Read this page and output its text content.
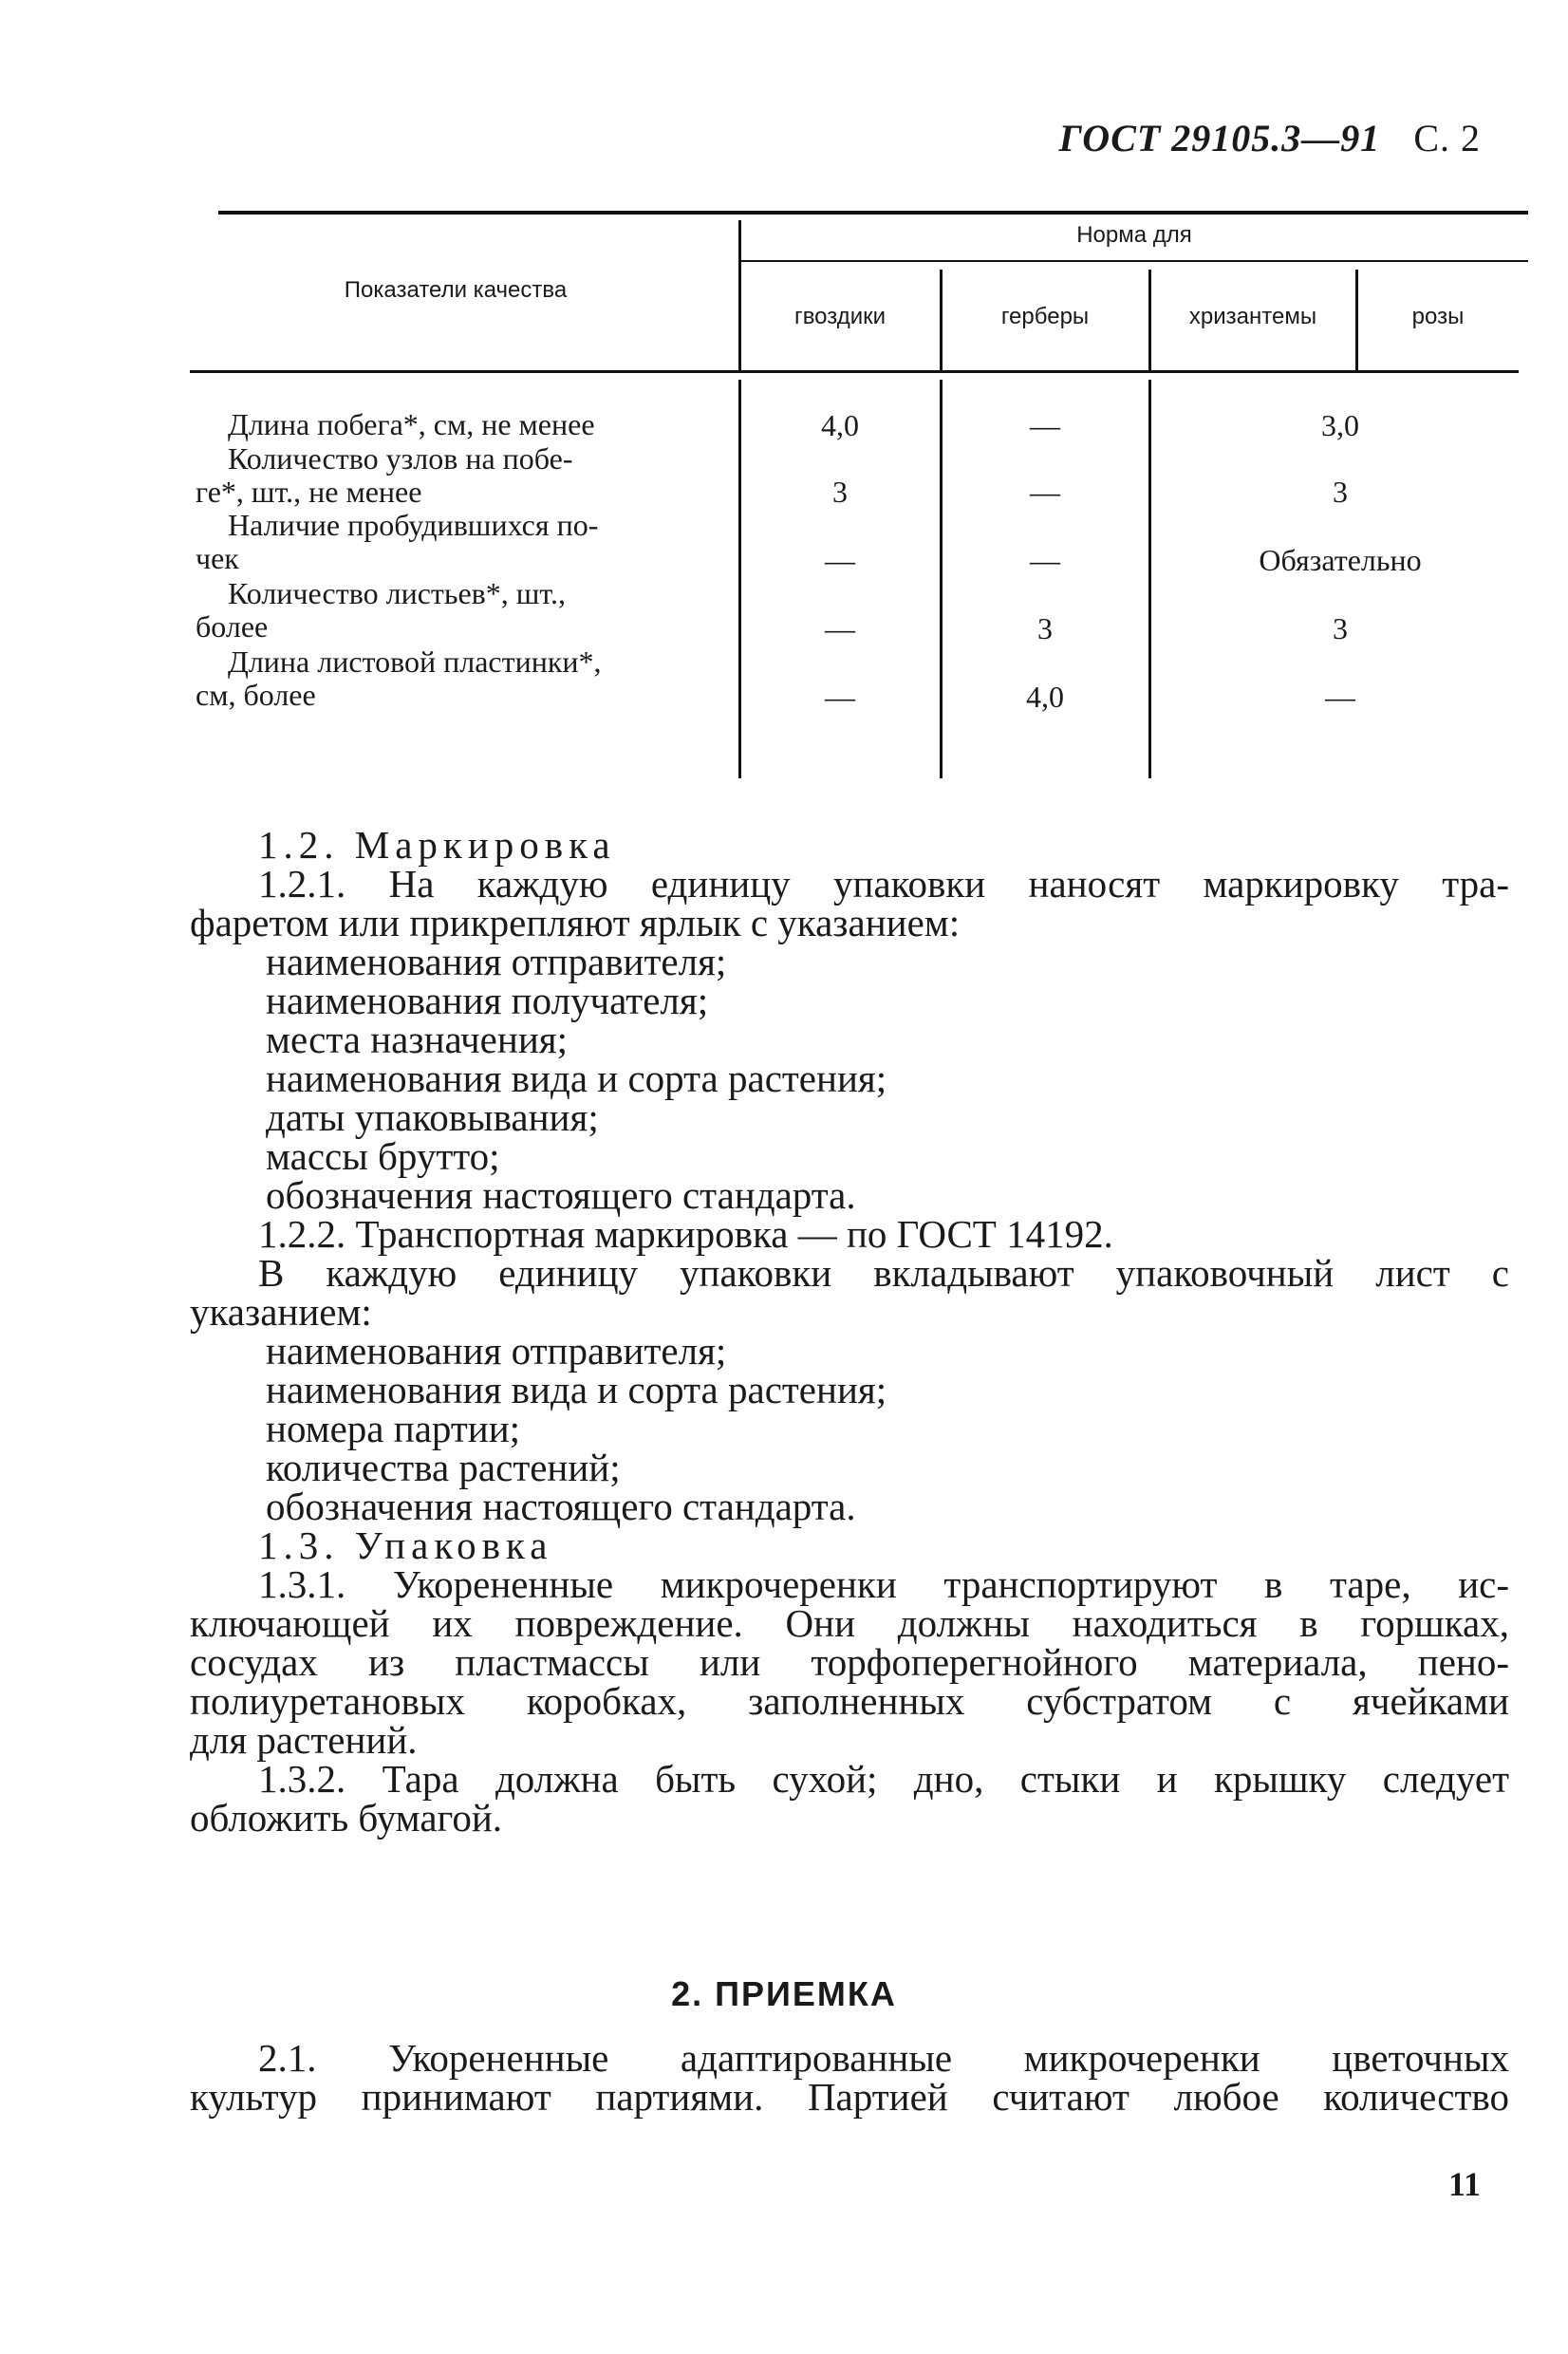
ГОСТ 29105.3—91 С. 2
Показатели качества
Норма для
гвоздики	герберы	хризантемы	розы
Длина побега*, см, не менее	4,0	—	3,0
Количество узлов на побе-
ге*, шт., не менее	3	—	3
Наличие пробудившихся по-
чек	—	—	Обязательно
Количество листьев*, шт.,
более	—	3	3
Длина листовой пластинки*,
см, более	—	4,0	—
1.2. Маркировка
1.2.1. На каждую единицу упаковки наносят маркировку тра-
фаретом или прикрепляют ярлык с указанием:
наименования отправителя;
наименования получателя;
места назначения;
наименования вида и сорта растения;
даты упаковывания;
массы брутто;
обозначения настоящего стандарта.
1.2.2. Транспортная маркировка — по ГОСТ 14192.
В каждую единицу упаковки вкладывают упаковочный лист с
указанием:
наименования отправителя;
наименования вида и сорта растения;
номера партии;
количества растений;
обозначения настоящего стандарта.
1.3. Упаковка
1.3.1. Укорененные микрочеренки транспортируют в таре, ис-
ключающей их повреждение. Они должны находиться в горшках,
сосудах из пластмассы или торфоперегнойного материала, пено-
полиуретановых коробках, заполненных субстратом с ячейками
для растений.
1.3.2. Тара должна быть сухой; дно, стыки и крышку следует
обложить бумагой.
2. ПРИЕМКА
2.1. Укорененные адаптированные микрочеренки цветочных
культур принимают партиями. Партией считают любое количество
11
